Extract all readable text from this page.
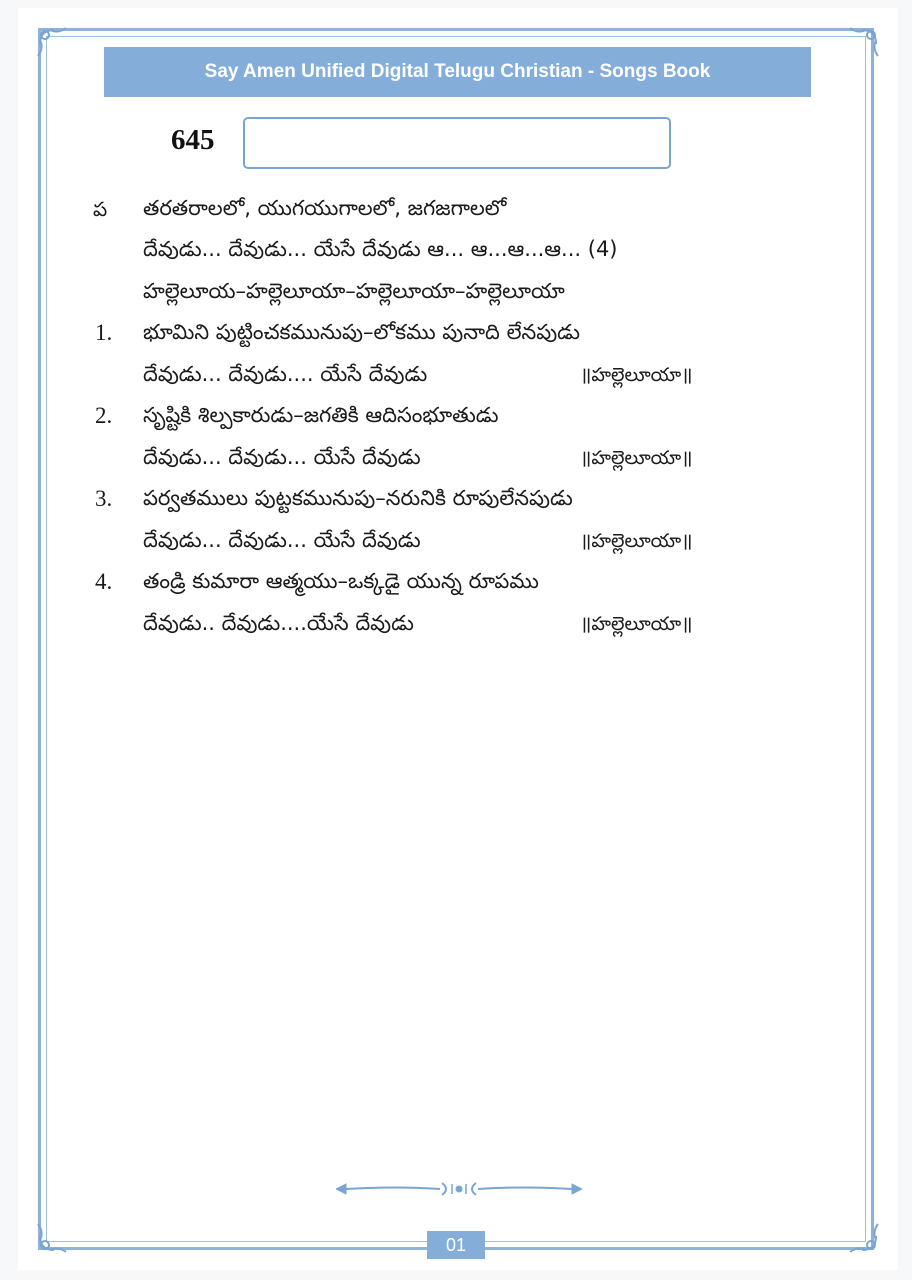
Say Amen Unified Digital Telugu Christian - Songs Book
645
ప తరతరాలలో, యుగయుగాలలో, జగజగాలలో
దేవుడు... దేవుడు... యేసే దేవుడు ఆ... ఆ...ఆ...ఆ... (4)
హల్లెలూయ–హల్లెలూయా–హల్లెలూయా–హల్లెలూయా
1. భూమిని పుట్టించకమునుపు–లోకము పునాది లేనపుడు
దేవుడు... దేవుడు.... యేసే దేవుడు	॥హల్లెలూయా॥
2. సృష్టికి శిల్పకారుడు–జగతికి ఆదిసంభూతుడు
దేవుడు... దేవుడు... యేసే దేవుడు	॥హల్లెలూయా॥
3. పర్వతములు పుట్టకమునుపు–నరునికి రూపులేనపుడు
దేవుడు... దేవుడు... యేసే దేవుడు	॥హల్లెలూయా॥
4. తండ్రి కుమారా ఆత్మయు–ఒక్కడై యున్న రూపము
దేవుడు.. దేవుడు....యేసే దేవుడు	॥హల్లెలూయా॥
01
